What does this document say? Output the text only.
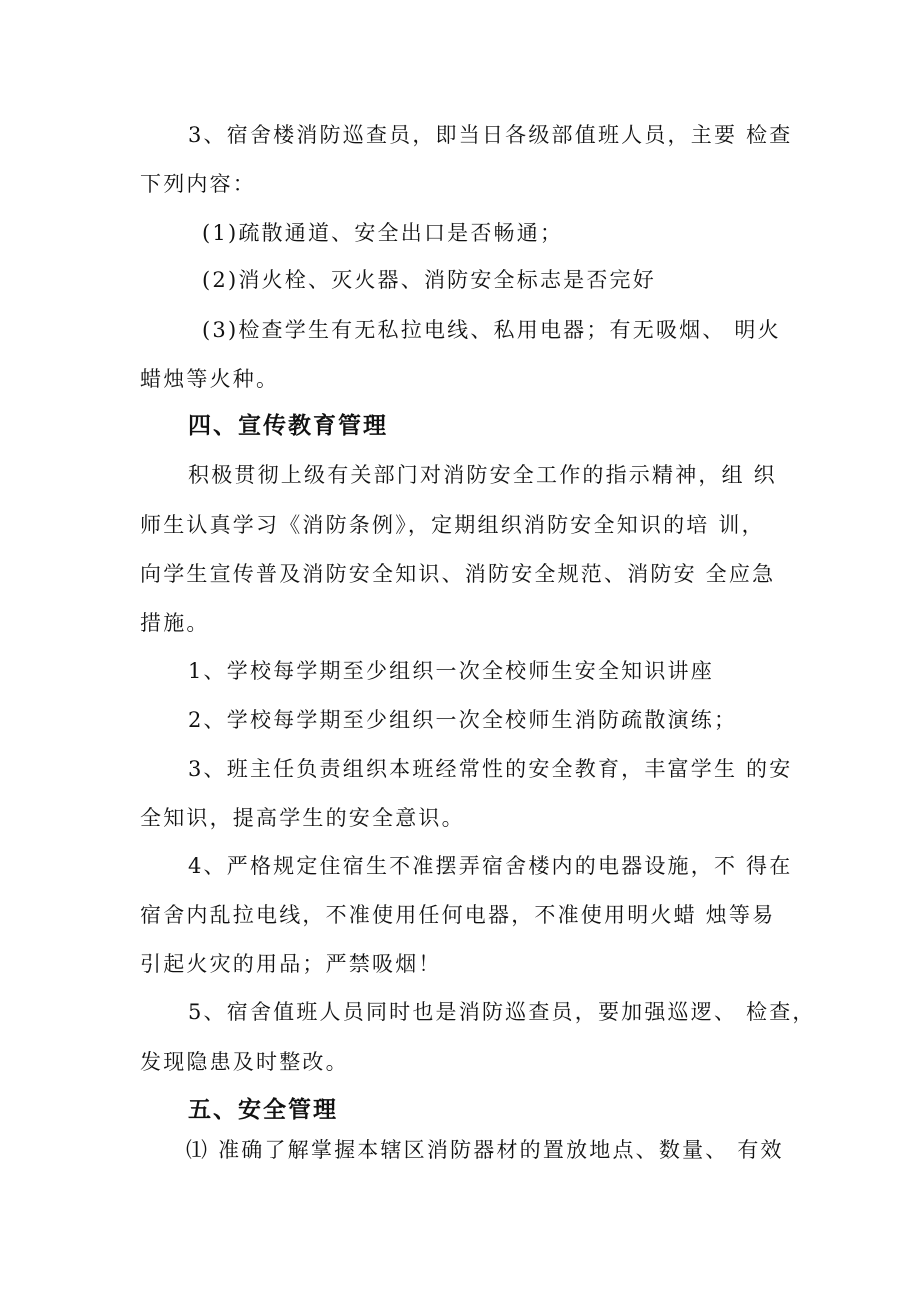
3、宿舍楼消防巡查员，即当日各级部值班人员，主要 检查
下列内容：
(1)疏散通道、安全出口是否畅通；
(2)消火栓、灭火器、消防安全标志是否完好
(3)检查学生有无私拉电线、私用电器；有无吸烟、 明火
蜡烛等火种。
四、宣传教育管理
积极贯彻上级有关部门对消防安全工作的指示精神，组 织
师生认真学习《消防条例》，定期组织消防安全知识的培 训，
向学生宣传普及消防安全知识、消防安全规范、消防安 全应急
措施。
1、学校每学期至少组织一次全校师生安全知识讲座
2、学校每学期至少组织一次全校师生消防疏散演练；
3、班主任负责组织本班经常性的安全教育，丰富学生 的安
全知识，提高学生的安全意识。
4、严格规定住宿生不准摆弄宿舍楼内的电器设施，不 得在
宿舍内乱拉电线，不准使用任何电器，不准使用明火蜡 烛等易
引起火灾的用品；严禁吸烟！
5、宿舍值班人员同时也是消防巡查员，要加强巡逻、 检查，
发现隐患及时整改。
五、安全管理
⑴ 准确了解掌握本辖区消防器材的置放地点、数量、 有效
